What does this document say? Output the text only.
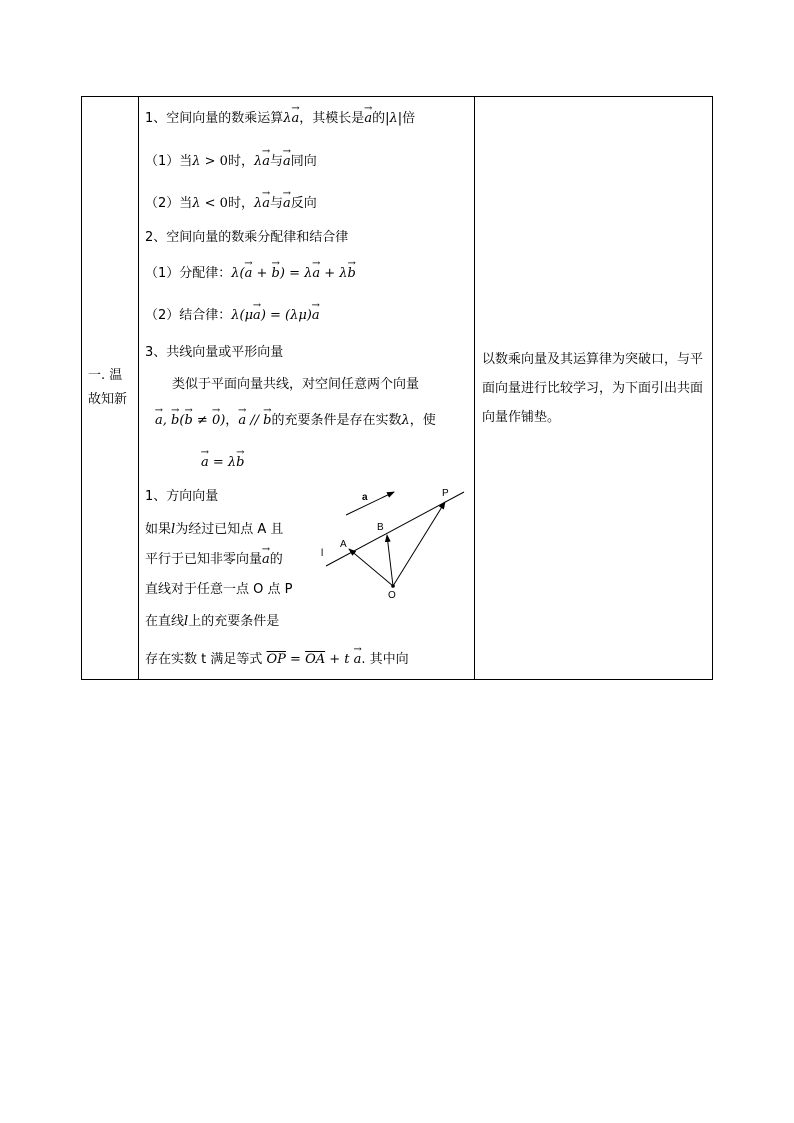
一. 温故知新
以数乘向量及其运算律为突破口，与平面向量进行比较学习，为下面引出共面向量作铺垫。
1、空间向量的数乘运算λ→ a，其模长是→ a的|λ|倍
（1）当λ > 0时，λ→ a与→ a同向
（2）当λ < 0时，λ→ a与→ a反向
2、空间向量的数乘分配律和结合律
（1）分配律：λ(→ a + → b) = λ→ a + λ→ b
（2）结合律：λ(μ→ a) = (λμ)→ a
3、共线向量或平形向量
类似于平面向量共线，对空间任意两个向量
→ a, → b(→ b ≠ → 0)，→ a // → b的充要条件是存在实数λ，使
→ a = λ→ b
1、方向向量
如果l为经过已知点 A 且
平行于已知非零向量→ a的
直线对于任意一点 O 点 P
在直线l上的充要条件是
存在实数 t 满足等式 $\overline{OP} = \overline{OA} + t \to a$. 其中向
a	P
B
A
l
O
